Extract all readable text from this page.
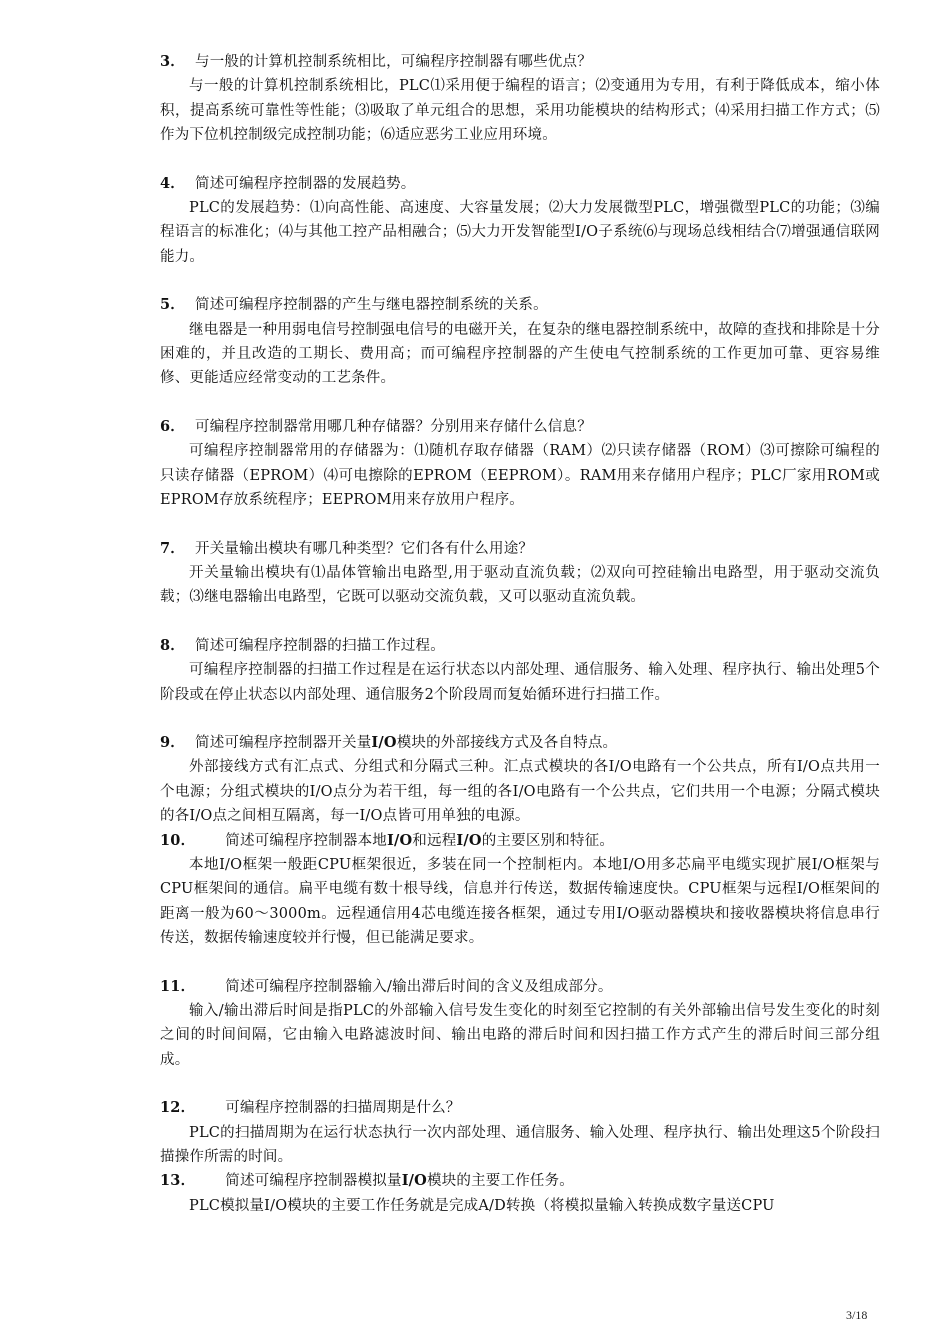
3． 与一般的计算机控制系统相比，可编程序控制器有哪些优点？

与一般的计算机控制系统相比，PLC⑴采用便于编程的语言；⑵变通用为专用，有利于降低成本，缩小体积，提高系统可靠性等性能；⑶吸取了单元组合的思想，采用功能模块的结构形式；⑷采用扫描工作方式；⑸作为下位机控制级完成控制功能；⑹适应恶劣工业应用环境。

4． 简述可编程序控制器的发展趋势。

PLC的发展趋势：⑴向高性能、高速度、大容量发展；⑵大力发展微型PLC，增强微型PLC的功能；⑶编程语言的标准化；⑷与其他工控产品相融合；⑸大力开发智能型I/O子系统⑹与现场总线相结合⑺增强通信联网能力。

5． 简述可编程序控制器的产生与继电器控制系统的关系。

继电器是一种用弱电信号控制强电信号的电磁开关，在复杂的继电器控制系统中，故障的查找和排除是十分困难的，并且改造的工期长、费用高；而可编程序控制器的产生使电气控制系统的工作更加可靠、更容易维修、更能适应经常变动的工艺条件。

6． 可编程序控制器常用哪几种存储器？分别用来存储什么信息？

可编程序控制器常用的存储器为：⑴随机存取存储器（RAM）⑵只读存储器（ROM）⑶可擦除可编程的只读存储器（EPROM）⑷可电擦除的EPROM（EEPROM）。RAM用来存储用户程序；PLC厂家用ROM或EPROM存放系统程序；EEPROM用来存放用户程序。

7． 开关量输出模块有哪几种类型？它们各有什么用途？

开关量输出模块有⑴晶体管输出电路型,用于驱动直流负载；⑵双向可控硅输出电路型，用于驱动交流负载；⑶继电器输出电路型，它既可以驱动交流负载，又可以驱动直流负载。

8． 简述可编程序控制器的扫描工作过程。

可编程序控制器的扫描工作过程是在运行状态以内部处理、通信服务、输入处理、程序执行、输出处理5个阶段或在停止状态以内部处理、通信服务2个阶段周而复始循环进行扫描工作。

9． 简述可编程序控制器开关量I/O模块的外部接线方式及各自特点。

外部接线方式有汇点式、分组式和分隔式三种。汇点式模块的各I/O电路有一个公共点，所有I/O点共用一个电源；分组式模块的I/O点分为若干组，每一组的各I/O电路有一个公共点，它们共用一个电源；分隔式模块的各I/O点之间相互隔离，每一I/O点皆可用单独的电源。

10． 简述可编程序控制器本地I/O和远程I/O的主要区别和特征。

本地I/O框架一般距CPU框架很近，多装在同一个控制柜内。本地I/O用多芯扁平电缆实现扩展I/O框架与CPU框架间的通信。扁平电缆有数十根导线，信息并行传送，数据传输速度快。CPU框架与远程I/O框架间的距离一般为60～3000m。远程通信用4芯电缆连接各框架，通过专用I/O驱动器模块和接收器模块将信息串行传送，数据传输速度较并行慢，但已能满足要求。

11． 简述可编程序控制器输入/输出滞后时间的含义及组成部分。

输入/输出滞后时间是指PLC的外部输入信号发生变化的时刻至它控制的有关外部输出信号发生变化的时刻之间的时间间隔，它由输入电路滤波时间、输出电路的滞后时间和因扫描工作方式产生的滞后时间三部分组成。

12． 可编程序控制器的扫描周期是什么？

PLC的扫描周期为在运行状态执行一次内部处理、通信服务、输入处理、程序执行、输出处理这5个阶段扫描操作所需的时间。

13． 简述可编程序控制器模拟量I/O模块的主要工作任务。

PLC模拟量I/O模块的主要工作任务就是完成A/D转换（将模拟量输入转换成数字量送CPU

3/18
